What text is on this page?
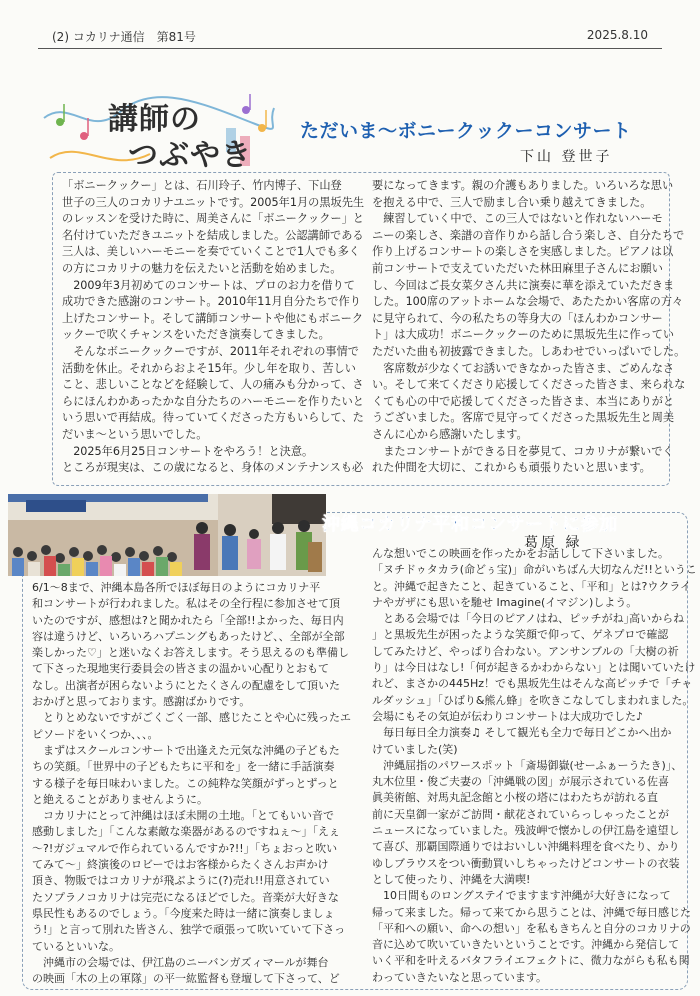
(2) コカリナ通信　第81号	2025.8.10
講師の
つぶやき
ただいま～ボニークックーコンサート
下山 登世子
「ボニークックー」とは、石川玲子、竹内博子、下山登
世子の三人のコカリナユニットです。2005年1月の黒坂先生
のレッスンを受けた時に、周美さんに「ボニークックー」と
名付けていただきユニットを結成しました。公認講師である
三人は、美しいハーモニーを奏でていくことで1人でも多く
の方にコカリナの魅力を伝えたいと活動を始めました。
　2009年3月初めてのコンサートは、プロのお力を借りて
成功できた感謝のコンサート。2010年11月自分たちで作り
上げたコンサート。そして講師コンサートや他にもボニーク
ックーで吹くチャンスをいただき演奏してきました。
　そんなボニークックーですが、2011年それぞれの事情で
活動を休止。それからおよそ15年。少し年を取り、苦しい
こと、悲しいことなどを経験して、人の痛みも分かって、さ
らにほんわかあったかな自分たちのハーモニーを作りたいと
いう思いで再結成。待っていてくださった方もいらして、た
だいま～という思いでした。
　2025年6月25日コンサートをやろう！と決意。
ところが現実は、この歳になると、身体のメンテナンスも必
要になってきます。親の介護もありました。いろいろな思い
を抱える中で、三人で励まし合い乗り越えてきました。
　練習していく中で、この三人ではないと作れないハーモ
ニーの楽しさ、楽譜の音作りから話し合う楽しさ、自分たちで
作り上げるコンサートの楽しさを実感しました。ピアノは以
前コンサートで支えていただいた林田麻里子さんにお願い
し、今回はご長女菜夕さん共に演奏に華を添えていただきま
した。100席のアットホームな会場で、あたたかい客席の方々
に見守られて、今の私たちの等身大の「ほんわかコンサー
ト」は大成功！ボニークックーのために黒坂先生に作ってい
ただいた曲も初披露できました。しあわせでいっぱいでした。
　客席数が少なくてお誘いできなかった皆さま、ごめんなさ
い。そして来てくださり応援してくださった皆さま、来られな
くても心の中で応援してくださった皆さま、本当にありがと
うございました。客席で見守ってくださった黒坂先生と周美
さんに心から感謝いたします。
　またコンサートができる日を夢見て、コカリナが繋いでく
れた仲間を大切に、これからも頑張りたいと思います。
沖縄コカリナ平和コンサートに参加
葛原 緑
6/1～8まで、沖縄本島各所でほぼ毎日のようにコカリナ平
和コンサートが行われました。私はその全行程に参加させて頂
いたのですが、感想は?と聞かれたら「全部!!よかった、毎日内
容は違うけど、いろいろハプニングもあったけど、、全部が全部
楽しかった♡」と迷いなくお答えします。そう思えるのも準備し
て下さった現地実行委員会の皆さまの温かい心配りとおもて
なし。出演者が困らないようにとたくさんの配慮をして頂いた
おかげと思っております。感謝ばかりです。
　とりとめないですがごくごく一部、感じたことや心に残ったエ
ピソードをいくつか、、、。
　まずはスクールコンサートで出逢えた元気な沖縄の子どもた
ちの笑顔。「世界中の子どもたちに平和を」を一緒に手話演奏
する様子を毎日味わいました。この純粋な笑顔がずっとずっと
と絶えることがありませんように。
　コカリナにとって沖縄はほぼ未開の土地。「とてもいい音で
感動しました」「こんな素敵な楽器があるのですねぇ～」「えぇ
～?!ガジュマルで作られているんですか?!!」「ちょおっと吹い
てみて～」終演後のロビーではお客様からたくさんお声かけ
頂き、物販ではコカリナが飛ぶように(?)売れ!!用意されてい
たソプラノコカリナは完売になるほどでした。音楽が大好きな
県民性もあるのでしょう。「今度来た時は一緒に演奏しましょ
う!」と言って別れた皆さん、独学で頑張って吹いていて下さっ
ているといいな。
　沖縄市の会場では、伊江島のニーバンガズィマールが舞台
の映画「木の上の軍隊」の平一紘監督も登壇して下さって、ど
んな想いでこの映画を作ったかをお話しして下さいました。
「ヌチドゥタカラ(命どぅ宝)」命がいちばん大切なんだ!!というこ
と。沖縄で起きたこと、起きていること、「平和」とは?ウクライ
ナやガザにも思いを馳せ Imagine(イマジン)しよう。
　とある会場では「今日のピアノはね、ピッチがね｣高いからね
」と黒坂先生が困ったような笑顔で仰って、ゲネプロで確認
してみたけど、やっぱり合わない。アンサンブルの「大樹の祈
り」は今日はなし!「何が起きるかわからない」とは聞いていたけ
れど、まさかの445Hz！でも黒坂先生はそんな高ピッチで「チャ
ルダッシュ」「ひばり&熊ん蜂」を吹きこなしてしまわれました。
会場にもその気迫が伝わりコンサートは大成功でした♪
　毎日毎日全力演奏♫ そして観光も全力で毎日どこかへ出か
けていました(笑)
　沖縄屈指のパワースポット「斎場御嶽(せーふぁーうたき)」、
丸木位里・俊ご夫妻の「沖縄戦の図」が展示されている佐喜
眞美術館、対馬丸記念館と小桜の塔にはわたちが訪れる直
前に天皇御一家がご訪問・献花されていらっしゃったことが
ニュースになっていました。残波岬で懐かしの伊江島を遠望し
て喜び、那覇国際通りではおいしい沖縄料理を食べたり、かり
ゆしブラウスをつい衝動買いしちゃったけどコンサートの衣装
として使ったり、沖縄を大満喫!
　10日間ものロングステイでますます沖縄が大好きになって
帰って来ました。帰って来てから思うことは、沖縄で毎日感じた
「平和への願い、命への想い」を私もきちんと自分のコカリナの
音に込めて吹いていきたいということです。沖縄から発信して
いく平和を叶えるバタフライエフェクトに、微力ながらも私も関
わっていきたいなと思っています。
